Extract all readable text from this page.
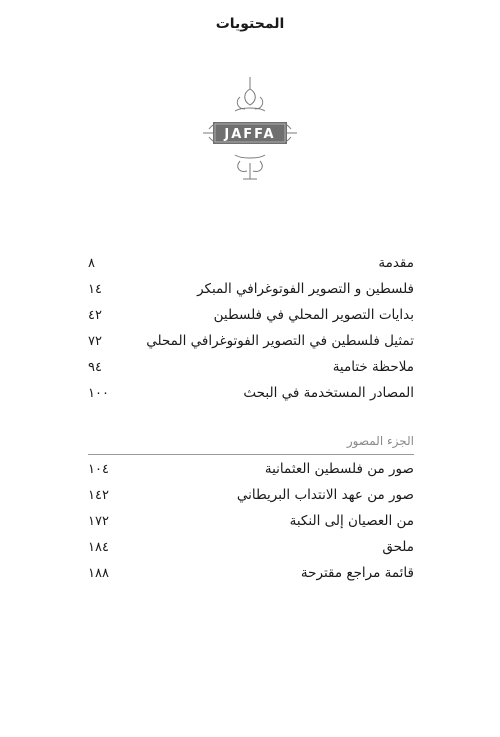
المحتويات
JAFFA
مقدمة
٨
فلسطين و التصوير الفوتوغرافي المبكر
١٤
بدايات التصوير المحلي في فلسطين
٤٢
تمثيل فلسطين في التصوير الفوتوغرافي المحلي
٧٢
ملاحظة ختامية
٩٤
المصادر المستخدمة في البحث
١٠٠
الجزء المصور
صور من فلسطين العثمانية
١٠٤
صور من عهد الانتداب البريطاني
١٤٢
من العصيان إلى النكبة
١٧٢
ملحق
١٨٤
قائمة مراجع مقترحة
١٨٨
